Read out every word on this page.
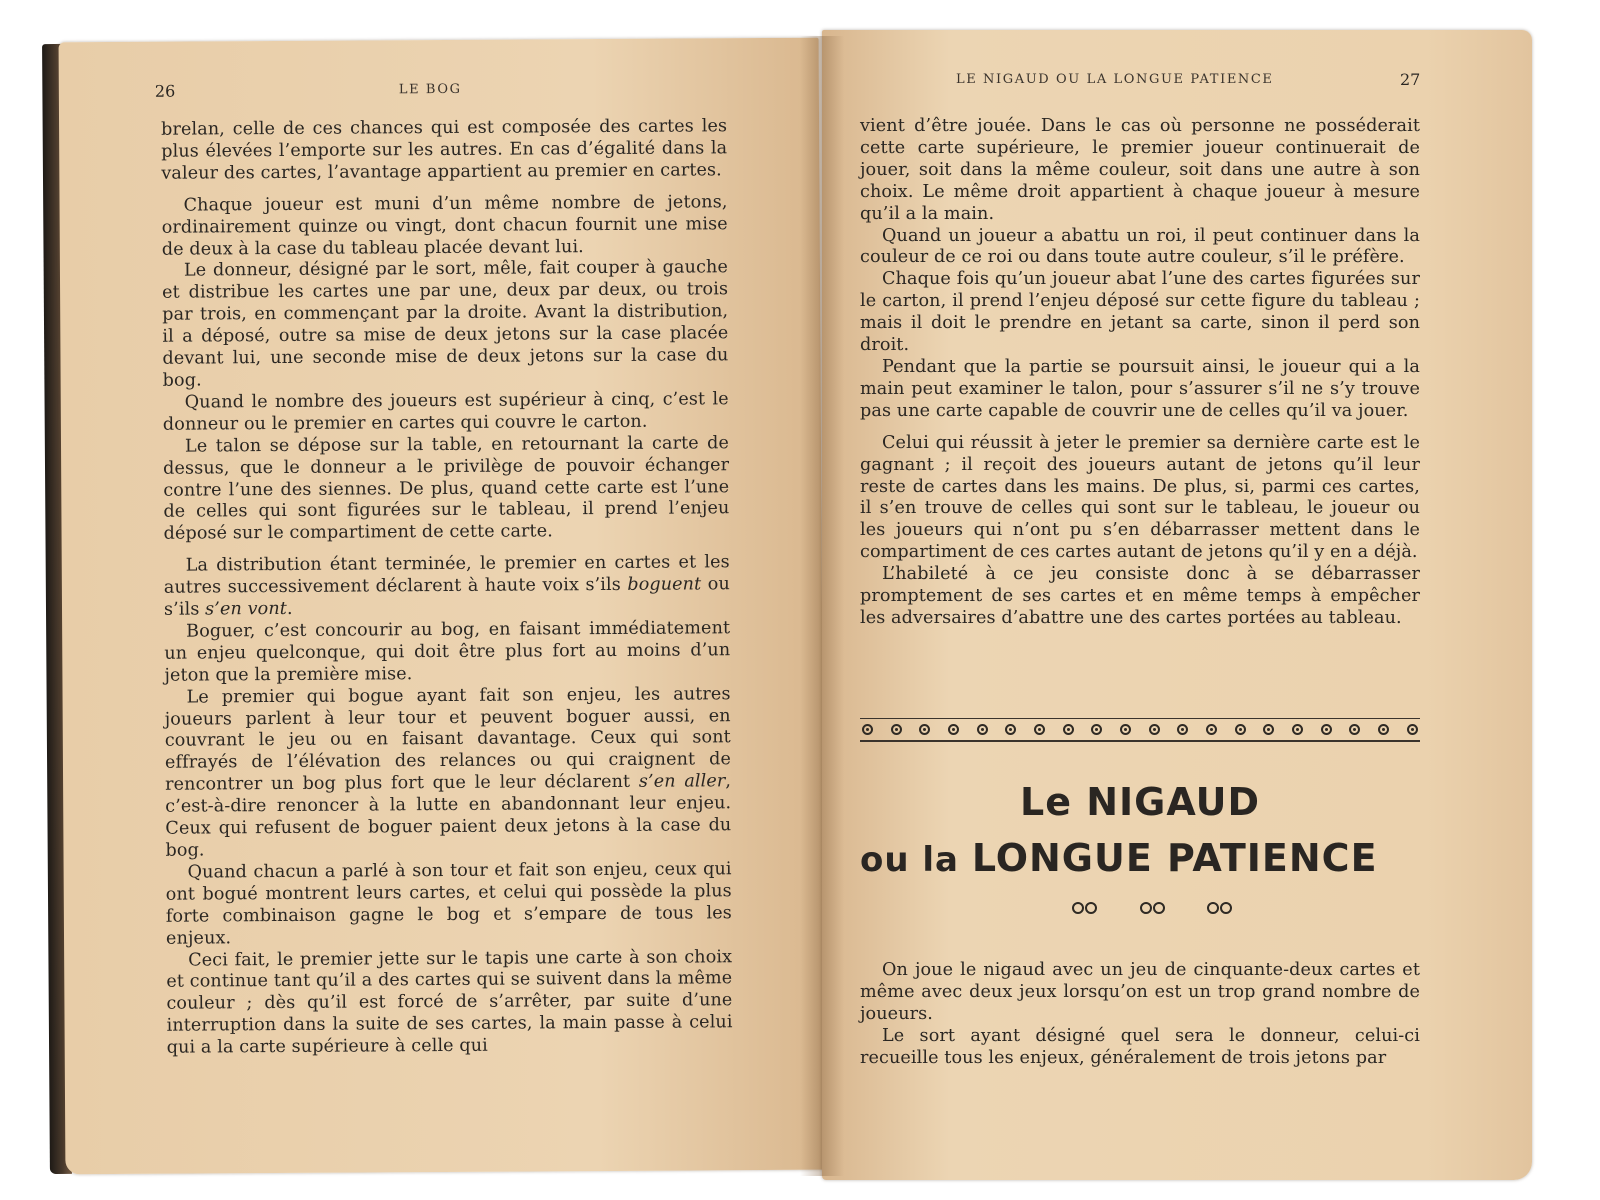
26	LE BOG

brelan, celle de ces chances qui est composée des cartes les plus élevées l’emporte sur les autres. En cas d’égalité dans la valeur des cartes, l’avantage appartient au premier en cartes.

Chaque joueur est muni d’un même nombre de jetons, ordinairement quinze ou vingt, dont chacun fournit une mise de deux à la case du tableau placée devant lui.

Le donneur, désigné par le sort, mêle, fait couper à gauche et distribue les cartes une par une, deux par deux, ou trois par trois, en commençant par la droite. Avant la distribution, il a déposé, outre sa mise de deux jetons sur la case placée devant lui, une seconde mise de deux jetons sur la case du bog.

Quand le nombre des joueurs est supérieur à cinq, c’est le donneur ou le premier en cartes qui couvre le carton.

Le talon se dépose sur la table, en retournant la carte de dessus, que le donneur a le privilège de pouvoir échanger contre l’une des siennes. De plus, quand cette carte est l’une de celles qui sont figurées sur le tableau, il prend l’enjeu déposé sur le compartiment de cette carte.

La distribution étant terminée, le premier en cartes et les autres successivement déclarent à haute voix s’ils boguent ou s’ils s’en vont.

Boguer, c’est concourir au bog, en faisant immédiatement un enjeu quelconque, qui doit être plus fort au moins d’un jeton que la première mise.

Le premier qui bogue ayant fait son enjeu, les autres joueurs parlent à leur tour et peuvent boguer aussi, en couvrant le jeu ou en faisant davantage. Ceux qui sont effrayés de l’élévation des relances ou qui craignent de rencontrer un bog plus fort que le leur déclarent s’en aller, c’est-à-dire renoncer à la lutte en abandonnant leur enjeu. Ceux qui refusent de boguer paient deux jetons à la case du bog.

Quand chacun a parlé à son tour et fait son enjeu, ceux qui ont bogué montrent leurs cartes, et celui qui possède la plus forte combinaison gagne le bog et s’empare de tous les enjeux.

Ceci fait, le premier jette sur le tapis une carte à son choix et continue tant qu’il a des cartes qui se suivent dans la même couleur ; dès qu’il est forcé de s’arrêter, par suite d’une interruption dans la suite de ses cartes, la main passe à celui qui a la carte supérieure à celle qui

LE NIGAUD OU LA LONGUE PATIENCE	27

vient d’être jouée. Dans le cas où personne ne posséderait cette carte supérieure, le premier joueur continuerait de jouer, soit dans la même couleur, soit dans une autre à son choix. Le même droit appartient à chaque joueur à mesure qu’il a la main.

Quand un joueur a abattu un roi, il peut continuer dans la couleur de ce roi ou dans toute autre couleur, s’il le préfère.

Chaque fois qu’un joueur abat l’une des cartes figurées sur le carton, il prend l’enjeu déposé sur cette figure du tableau ; mais il doit le prendre en jetant sa carte, sinon il perd son droit.

Pendant que la partie se poursuit ainsi, le joueur qui a la main peut examiner le talon, pour s’assurer s’il ne s’y trouve pas une carte capable de couvrir une de celles qu’il va jouer.

Celui qui réussit à jeter le premier sa dernière carte est le gagnant ; il reçoit des joueurs autant de jetons qu’il leur reste de cartes dans les mains. De plus, si, parmi ces cartes, il s’en trouve de celles qui sont sur le tableau, le joueur ou les joueurs qui n’ont pu s’en débarrasser mettent dans le compartiment de ces cartes autant de jetons qu’il y en a déjà.

L’habileté à ce jeu consiste donc à se débarrasser promptement de ses cartes et en même temps à empêcher les adversaires d’abattre une des cartes portées au tableau.

Le NIGAUD
ou la LONGUE PATIENCE

On joue le nigaud avec un jeu de cinquante-deux cartes et même avec deux jeux lorsqu’on est un trop grand nombre de joueurs.

Le sort ayant désigné quel sera le donneur, celui-ci recueille tous les enjeux, généralement de trois jetons par
